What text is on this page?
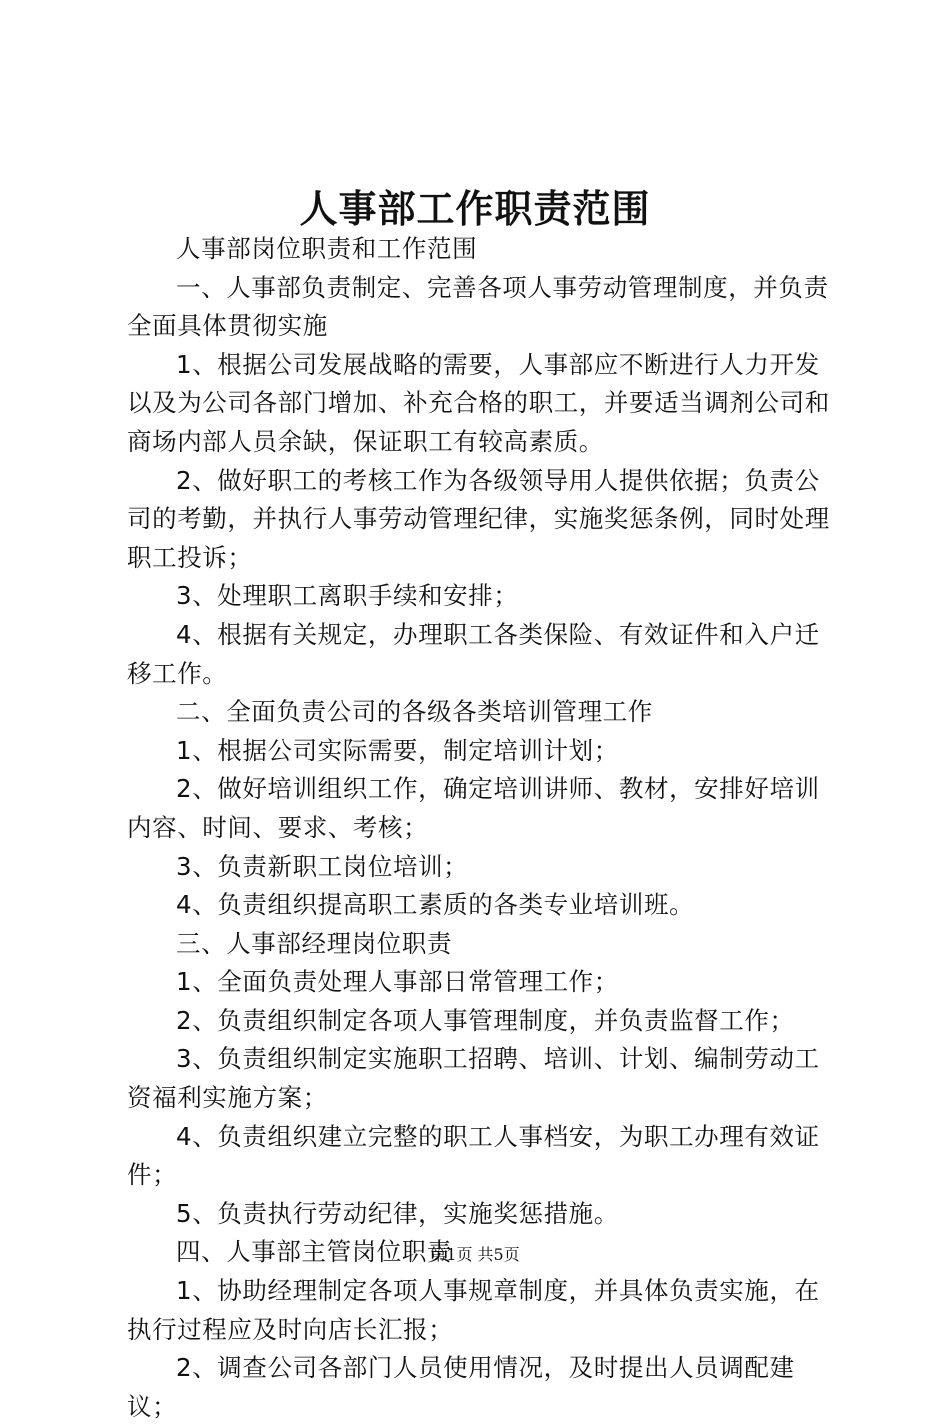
人事部工作职责范围

人事部岗位职责和工作范围

一、人事部负责制定、完善各项人事劳动管理制度，并负责全面具体贯彻实施

1、根据公司发展战略的需要，人事部应不断进行人力开发以及为公司各部门增加、补充合格的职工，并要适当调剂公司和商场内部人员余缺，保证职工有较高素质。

2、做好职工的考核工作为各级领导用人提供依据；负责公司的考勤，并执行人事劳动管理纪律，实施奖惩条例，同时处理职工投诉；

3、处理职工离职手续和安排；

4、根据有关规定，办理职工各类保险、有效证件和入户迁移工作。

二、全面负责公司的各级各类培训管理工作

1、根据公司实际需要，制定培训计划；

2、做好培训组织工作，确定培训讲师、教材，安排好培训内容、时间、要求、考核；

3、负责新职工岗位培训；

4、负责组织提高职工素质的各类专业培训班。

三、人事部经理岗位职责

1、全面负责处理人事部日常管理工作；

2、负责组织制定各项人事管理制度，并负责监督工作；

3、负责组织制定实施职工招聘、培训、计划、编制劳动工资福利实施方案；

4、负责组织建立完整的职工人事档安，为职工办理有效证件；

5、负责执行劳动纪律，实施奖惩措施。

四、人事部主管岗位职责

1、协助经理制定各项人事规章制度，并具体负责实施，在执行过程应及时向店长汇报；

2、调查公司各部门人员使用情况，及时提出人员调配建议；

第1页 共5页
